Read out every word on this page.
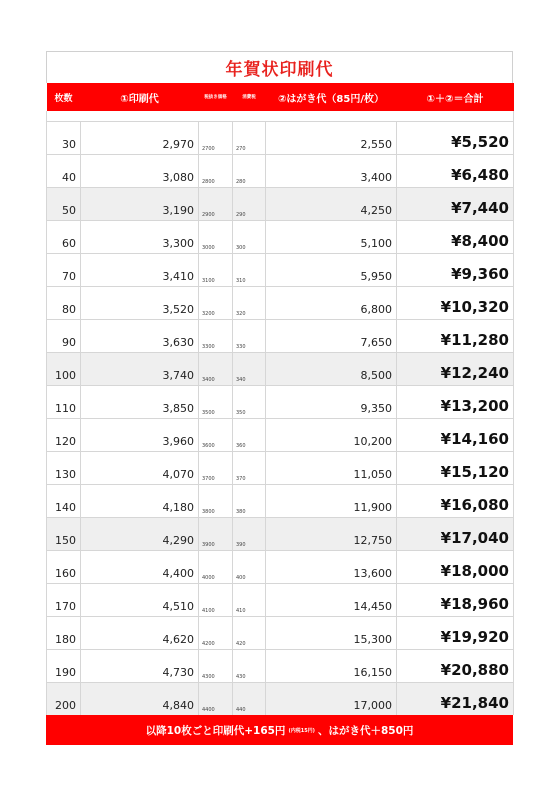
年賀状印刷代
枚数	①印刷代	税抜き価格	消費税	②はがき代（85円/枚）	①＋②＝合計

30	2,970	2700	270	2,550	¥5,520
40	3,080	2800	280	3,400	¥6,480
50	3,190	2900	290	4,250	¥7,440
60	3,300	3000	300	5,100	¥8,400
70	3,410	3100	310	5,950	¥9,360
80	3,520	3200	320	6,800	¥10,320
90	3,630	3300	330	7,650	¥11,280
100	3,740	3400	340	8,500	¥12,240
110	3,850	3500	350	9,350	¥13,200
120	3,960	3600	360	10,200	¥14,160
130	4,070	3700	370	11,050	¥15,120
140	4,180	3800	380	11,900	¥16,080
150	4,290	3900	390	12,750	¥17,040
160	4,400	4000	400	13,600	¥18,000
170	4,510	4100	410	14,450	¥18,960
180	4,620	4200	420	15,300	¥19,920
190	4,730	4300	430	16,150	¥20,880
200	4,840	4400	440	17,000	¥21,840
以降10枚ごと印刷代+165円 (内税15円) 、はがき代＋850円
